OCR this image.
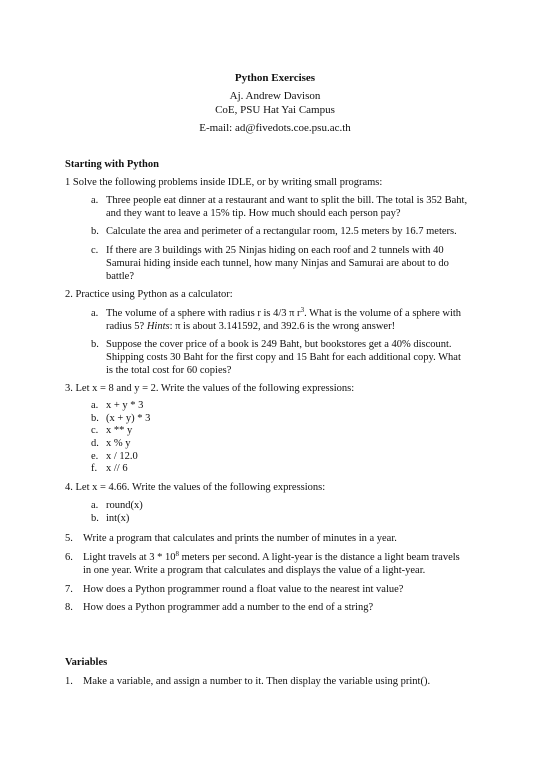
Python Exercises
Aj. Andrew Davison
CoE, PSU Hat Yai Campus
E-mail: ad@fivedots.coe.psu.ac.th
Starting with Python
1 Solve the following problems inside IDLE, or by writing small programs:
a. Three people eat dinner at a restaurant and want to split the bill. The total is 352 Baht,
and they want to leave a 15% tip. How much should each person pay?
b. Calculate the area and perimeter of a rectangular room, 12.5 meters by 16.7 meters.
c. If there are 3 buildings with 25 Ninjas hiding on each roof and 2 tunnels with 40
Samurai hiding inside each tunnel, how many Ninjas and Samurai are about to do
battle?
2. Practice using Python as a calculator:
a. The volume of a sphere with radius r is 4/3 π $r^3$. What is the volume of a sphere with
radius 5? Hints: π is about 3.141592, and 392.6 is the wrong answer!
b. Suppose the cover price of a book is 249 Baht, but bookstores get a 40% discount.
Shipping costs 30 Baht for the first copy and 15 Baht for each additional copy. What
is the total cost for 60 copies?
3. Let x = 8 and y = 2. Write the values of the following expressions:
a. x + y * 3
b. (x + y) * 3
c. x ** y
d. x % y
e. x / 12.0
f. x // 6
4. Let x = 4.66. Write the values of the following expressions:
a. round(x)
b. int(x)
5. Write a program that calculates and prints the number of minutes in a year.
6. Light travels at $3 * 10^8$ meters per second. A light-year is the distance a light beam travels
in one year. Write a program that calculates and displays the value of a light-year.
7. How does a Python programmer round a float value to the nearest int value?
8. How does a Python programmer add a number to the end of a string?
Variables
1. Make a variable, and assign a number to it. Then display the variable using print().
